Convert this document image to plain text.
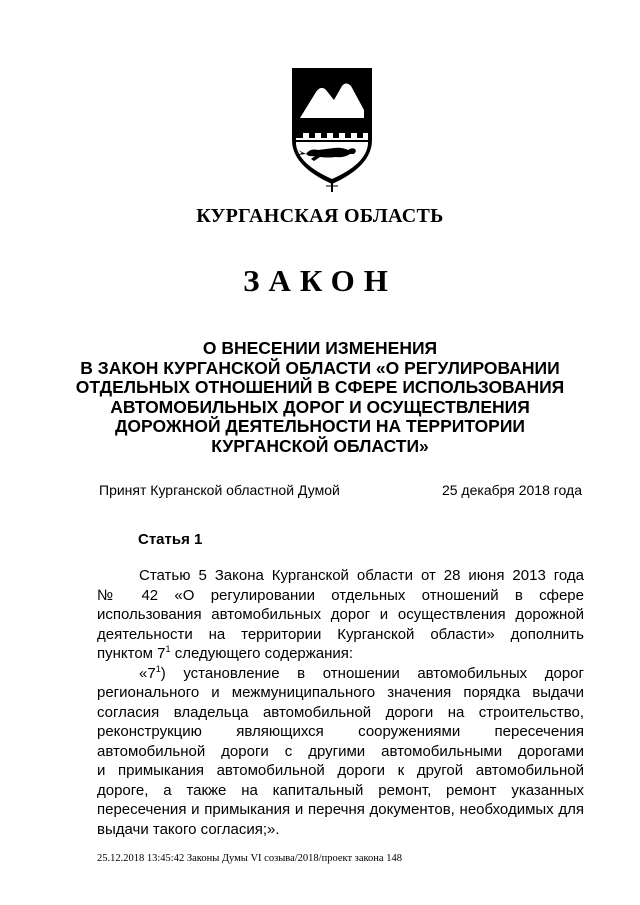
КУРГАНСКАЯ ОБЛАСТЬ
ЗАКОН
О ВНЕСЕНИИ ИЗМЕНЕНИЯ
В ЗАКОН КУРГАНСКОЙ ОБЛАСТИ «О РЕГУЛИРОВАНИИ
ОТДЕЛЬНЫХ ОТНОШЕНИЙ В СФЕРЕ ИСПОЛЬЗОВАНИЯ
АВТОМОБИЛЬНЫХ ДОРОГ И ОСУЩЕСТВЛЕНИЯ
ДОРОЖНОЙ ДЕЯТЕЛЬНОСТИ НА ТЕРРИТОРИИ
КУРГАНСКОЙ ОБЛАСТИ»
Принят Курганской областной Думой	25 декабря 2018 года
Статья 1
Статью 5 Закона Курганской области от 28 июня 2013 года
№ 42 «О регулировании отдельных отношений в сфере
использования автомобильных дорог и осуществления дорожной
деятельности на территории Курганской области» дополнить
пунктом $7^1$ следующего содержания:
«$7^1$) установление в отношении автомобильных дорог
регионального и межмуниципального значения порядка выдачи
согласия владельца автомобильной дороги на строительство,
реконструкцию являющихся сооружениями пересечения
автомобильной дороги с другими автомобильными дорогами
и примыкания автомобильной дороги к другой автомобильной
дороге, а также на капитальный ремонт, ремонт указанных
пересечения и примыкания и перечня документов, необходимых для
выдачи такого согласия;».
25.12.2018 13:45:42 Законы Думы VI созыва/2018/проект закона 148
